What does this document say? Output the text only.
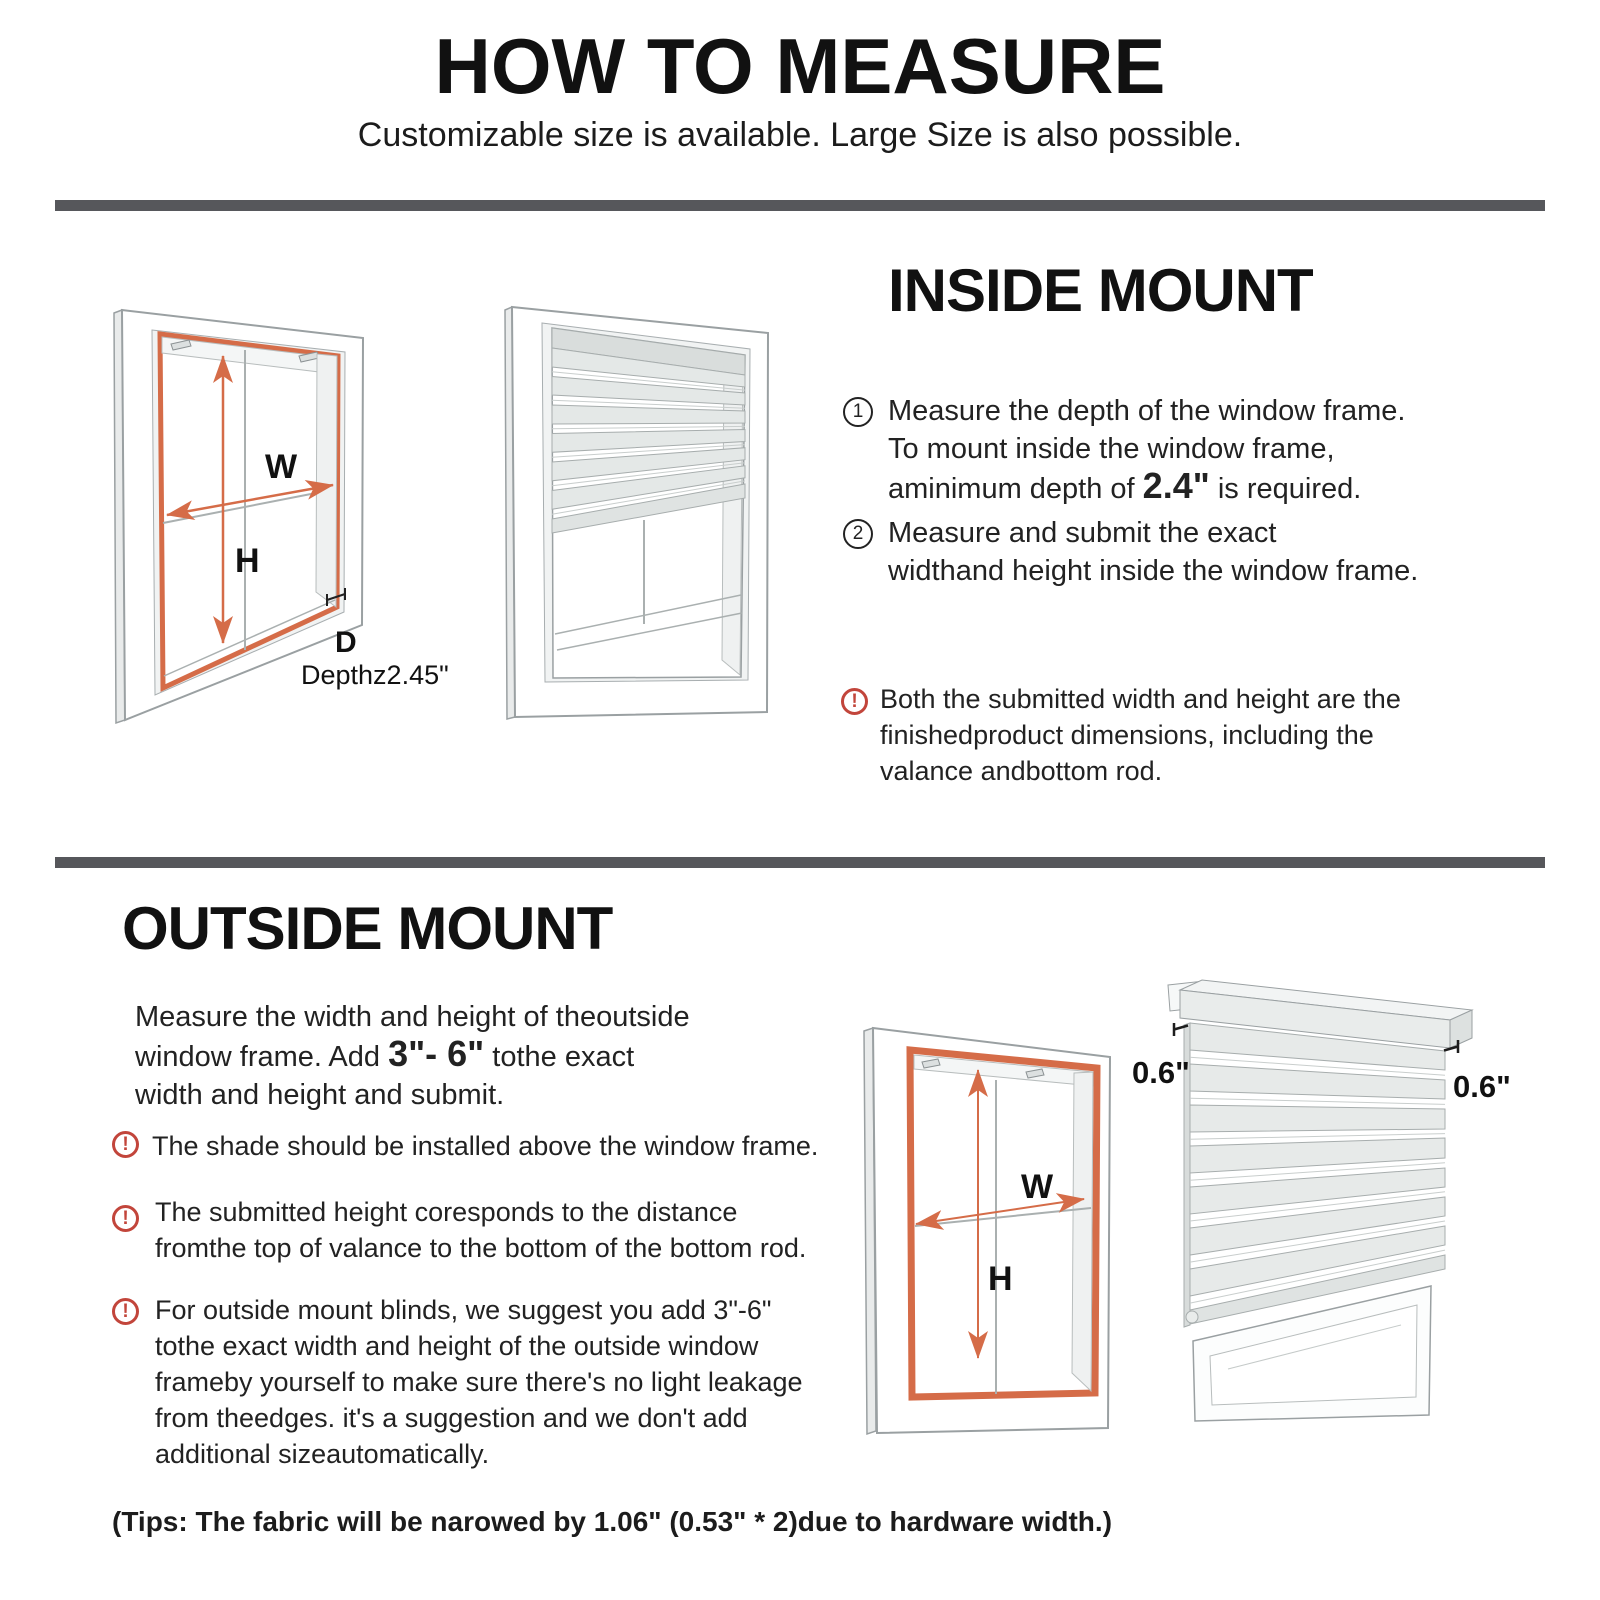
HOW TO MEASURE
Customizable size is available. Large Size is also possible.
INSIDE MOUNT
W
H
D
Depthz2.45"
1 Measure the depth of the window frame.
To mount inside the window frame,
aminimum depth of 2.4" is required.
2 Measure and submit the exact
widthand height inside the window frame.
! Both the submitted width and height are the
finishedproduct dimensions, including the
valance andbottom rod.
OUTSIDE MOUNT
Measure the width and height of theoutside
window frame. Add 3"- 6" tothe exact
width and height and submit.
! The shade should be installed above the window frame.
! The submitted height coresponds to the distance
fromthe top of valance to the bottom of the bottom rod.
! For outside mount blinds, we suggest you add 3"-6"
tothe exact width and height of the outside window
frameby yourself to make sure there's no light leakage
from theedges. it's a suggestion and we don't add
additional sizeautomatically.
W
H
0.6"	0.6"
(Tips: The fabric will be narowed by 1.06" (0.53" * 2)due to hardware width.)
